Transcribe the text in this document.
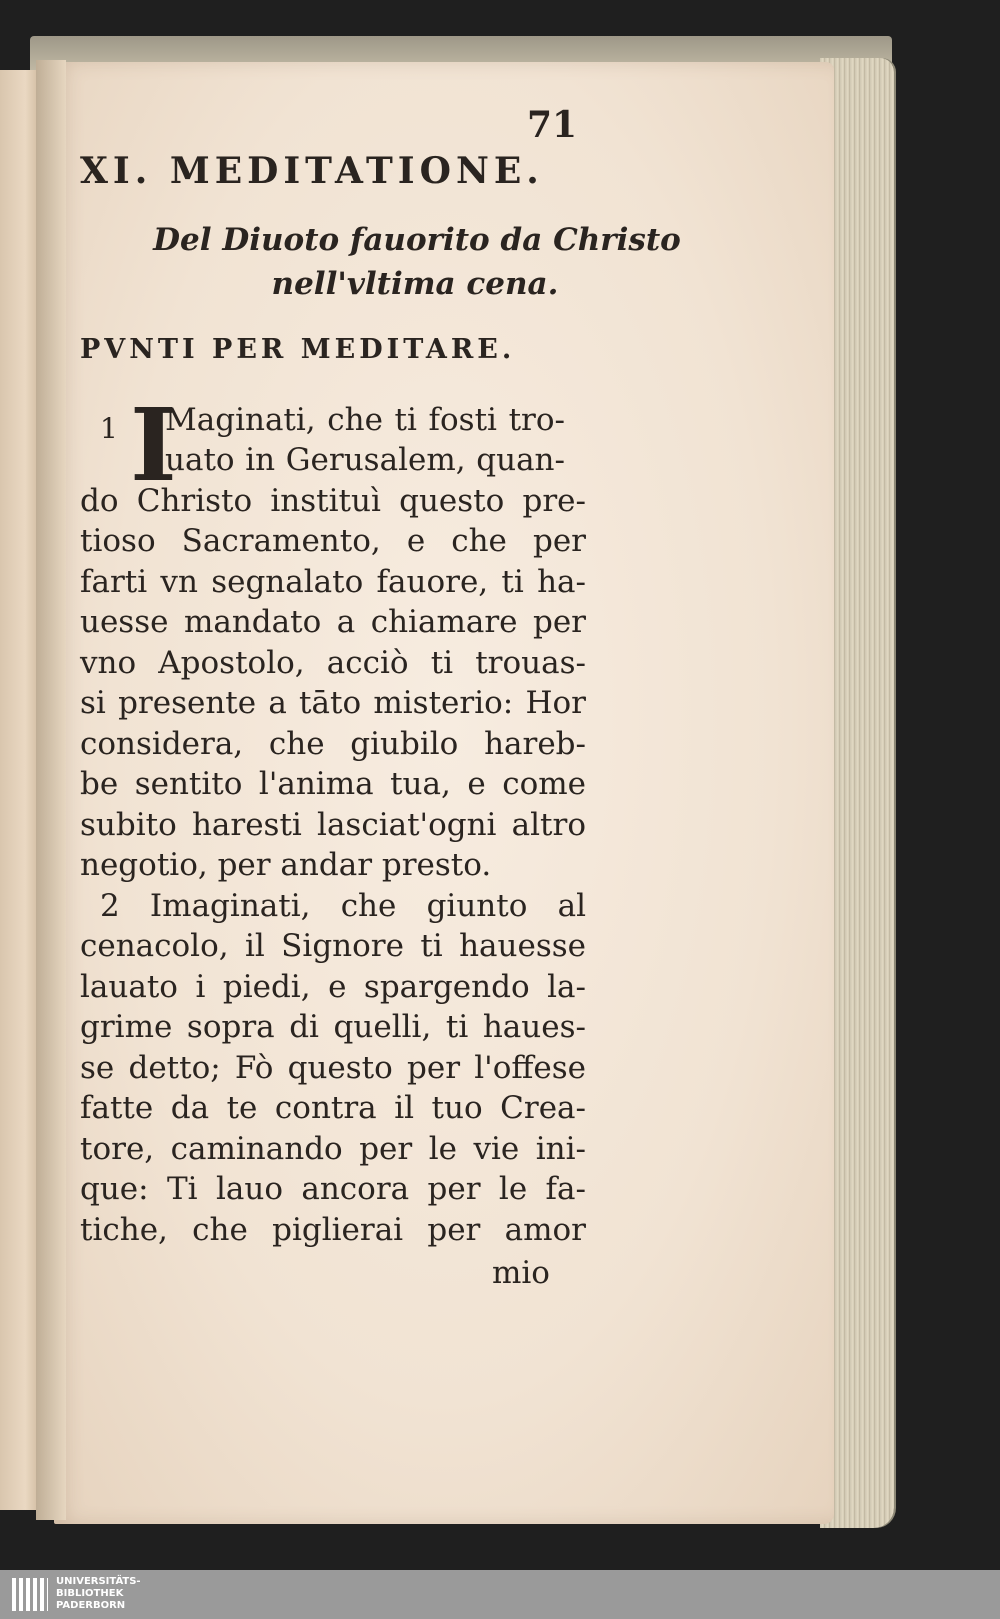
71
XI. MEDITATIONE.
Del Diuoto fauorito da Christo
nell'vltima cena.
PVNTI PER MEDITARE.
1 I
Maginati, che ti fosti tro-
uato in Gerusalem, quan-
do Christo instituì questo pre-
tioso Sacramento, e che per
farti vn segnalato fauore, ti ha-
uesse mandato a chiamare per
vno Apostolo, acciò ti trouas-
si presente a tāto misterio: Hor
considera, che giubilo hareb-
be sentito l'anima tua, e come
subito haresti lasciat'ogni altro
negotio, per andar presto.
2 Imaginati, che giunto al
cenacolo, il Signore ti hauesse
lauato i piedi, e spargendo la-
grime sopra di quelli, ti haues-
se detto; Fò questo per l'offese
fatte da te contra il tuo Crea-
tore, caminando per le vie ini-
que: Ti lauo ancora per le fa-
tiche, che piglierai per amor
mio
UNIVERSITÄTS-
BIBLIOTHEK
PADERBORN
